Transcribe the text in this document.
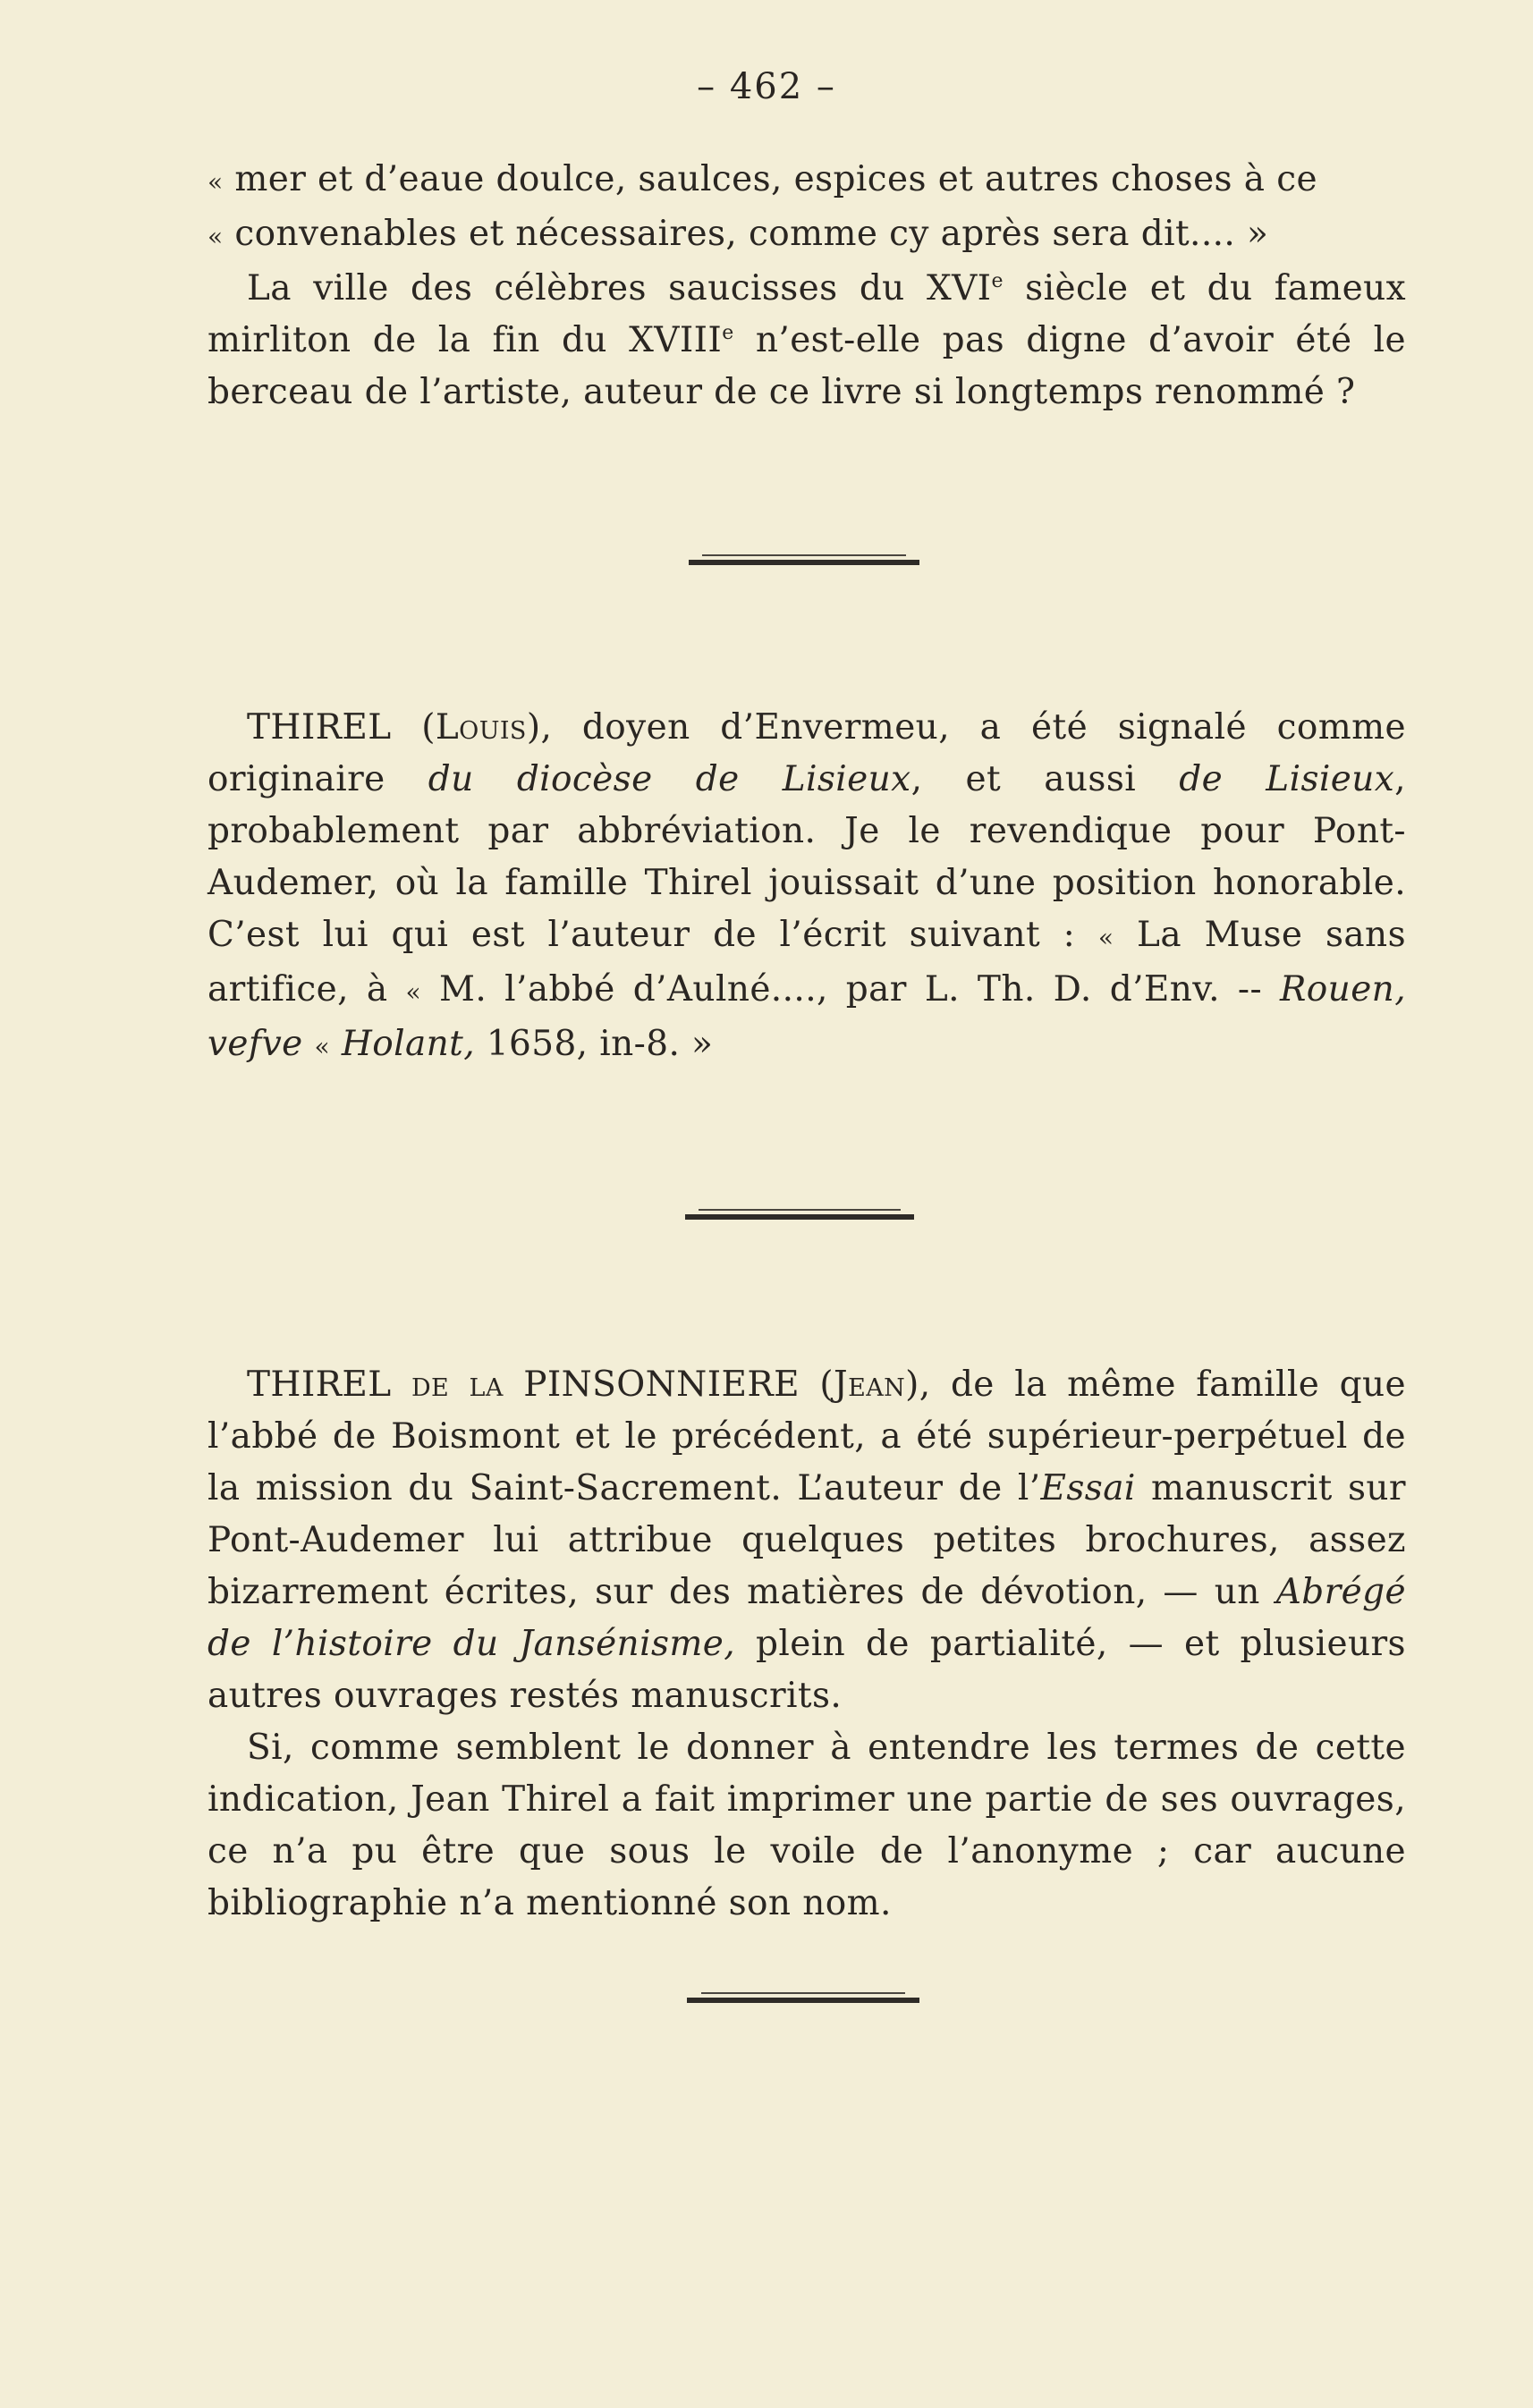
– 462 –

« mer et d’eaue doulce, saulces, espices et autres choses à ce

« convenables et nécessaires, comme cy après sera dit.... »

La ville des célèbres saucisses du XVIe siècle et du fameux mirliton de la fin du XVIIIe n’est-elle pas digne d’avoir été le berceau de l’artiste, auteur de ce livre si longtemps renommé ?

THIREL (Louis), doyen d’Envermeu, a été signalé comme originaire du diocèse de Lisieux, et aussi de Lisieux, probablement par abbréviation. Je le revendique pour Pont-Audemer, où la famille Thirel jouissait d’une position honorable. C’est lui qui est l’auteur de l’écrit suivant : « La Muse sans artifice, à « M. l’abbé d’Aulné...., par L. Th. D. d’Env. -- Rouen, vefve « Holant, 1658, in-8. »

THIREL de la PINSONNIERE (Jean), de la même famille que l’abbé de Boismont et le précédent, a été supérieur-perpétuel de la mission du Saint-Sacrement. L’auteur de l’Essai manuscrit sur Pont-Audemer lui attribue quelques petites brochures, assez bizarrement écrites, sur des matières de dévotion, — un Abrégé de l’histoire du Jansénisme, plein de partialité, — et plusieurs autres ouvrages restés manuscrits.

Si, comme semblent le donner à entendre les termes de cette indication, Jean Thirel a fait imprimer une partie de ses ouvrages, ce n’a pu être que sous le voile de l’anonyme ; car aucune bibliographie n’a mentionné son nom.
